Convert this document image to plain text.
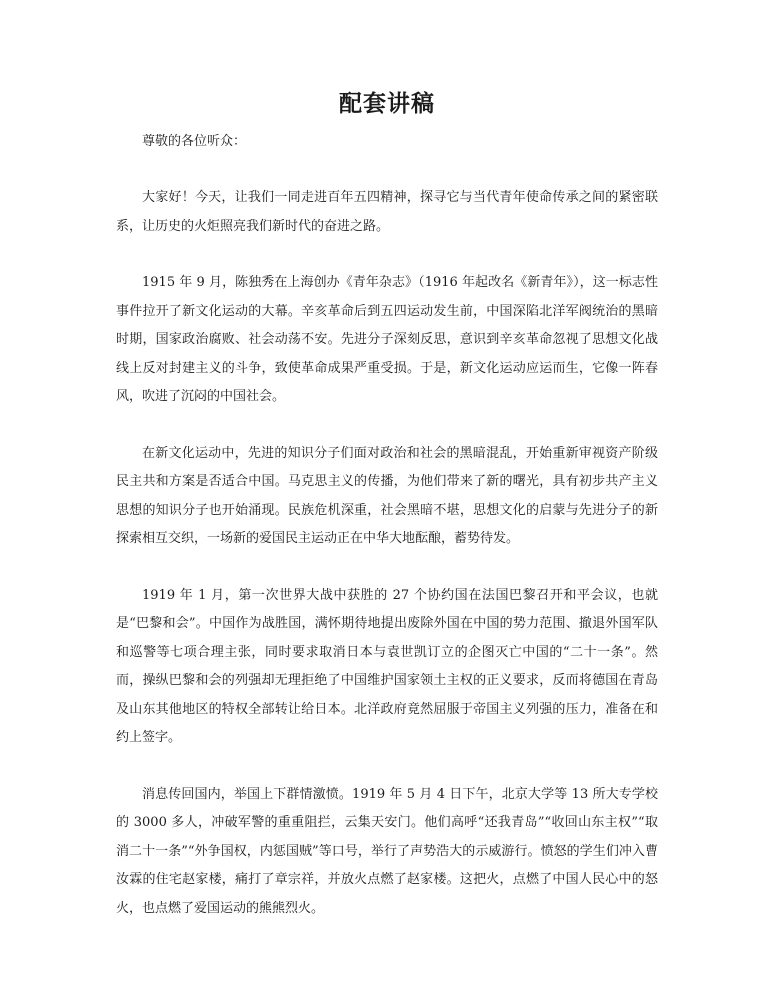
配套讲稿

尊敬的各位听众：

大家好！今天，让我们一同走进百年五四精神，探寻它与当代青年使命传承之间的紧密联系，让历史的火炬照亮我们新时代的奋进之路。

1915 年 9 月，陈独秀在上海创办《青年杂志》（1916 年起改名《新青年》），这一标志性事件拉开了新文化运动的大幕。辛亥革命后到五四运动发生前，中国深陷北洋军阀统治的黑暗时期，国家政治腐败、社会动荡不安。先进分子深刻反思，意识到辛亥革命忽视了思想文化战线上反对封建主义的斗争，致使革命成果严重受损。于是，新文化运动应运而生，它像一阵春风，吹进了沉闷的中国社会。

在新文化运动中，先进的知识分子们面对政治和社会的黑暗混乱，开始重新审视资产阶级民主共和方案是否适合中国。马克思主义的传播，为他们带来了新的曙光，具有初步共产主义思想的知识分子也开始涌现。民族危机深重，社会黑暗不堪，思想文化的启蒙与先进分子的新探索相互交织，一场新的爱国民主运动正在中华大地酝酿，蓄势待发。

1919 年 1 月，第一次世界大战中获胜的 27 个协约国在法国巴黎召开和平会议，也就是“巴黎和会”。中国作为战胜国，满怀期待地提出废除外国在中国的势力范围、撤退外国军队和巡警等七项合理主张，同时要求取消日本与袁世凯订立的企图灭亡中国的“二十一条”。然而，操纵巴黎和会的列强却无理拒绝了中国维护国家领土主权的正义要求，反而将德国在青岛及山东其他地区的特权全部转让给日本。北洋政府竟然屈服于帝国主义列强的压力，准备在和约上签字。

消息传回国内，举国上下群情激愤。1919 年 5 月 4 日下午，北京大学等 13 所大专学校的 3000 多人，冲破军警的重重阻拦，云集天安门。他们高呼“还我青岛”“收回山东主权”“取消二十一条”“外争国权，内惩国贼”等口号，举行了声势浩大的示威游行。愤怒的学生们冲入曹汝霖的住宅赵家楼，痛打了章宗祥，并放火点燃了赵家楼。这把火，点燃了中国人民心中的怒火，也点燃了爱国运动的熊熊烈火。
